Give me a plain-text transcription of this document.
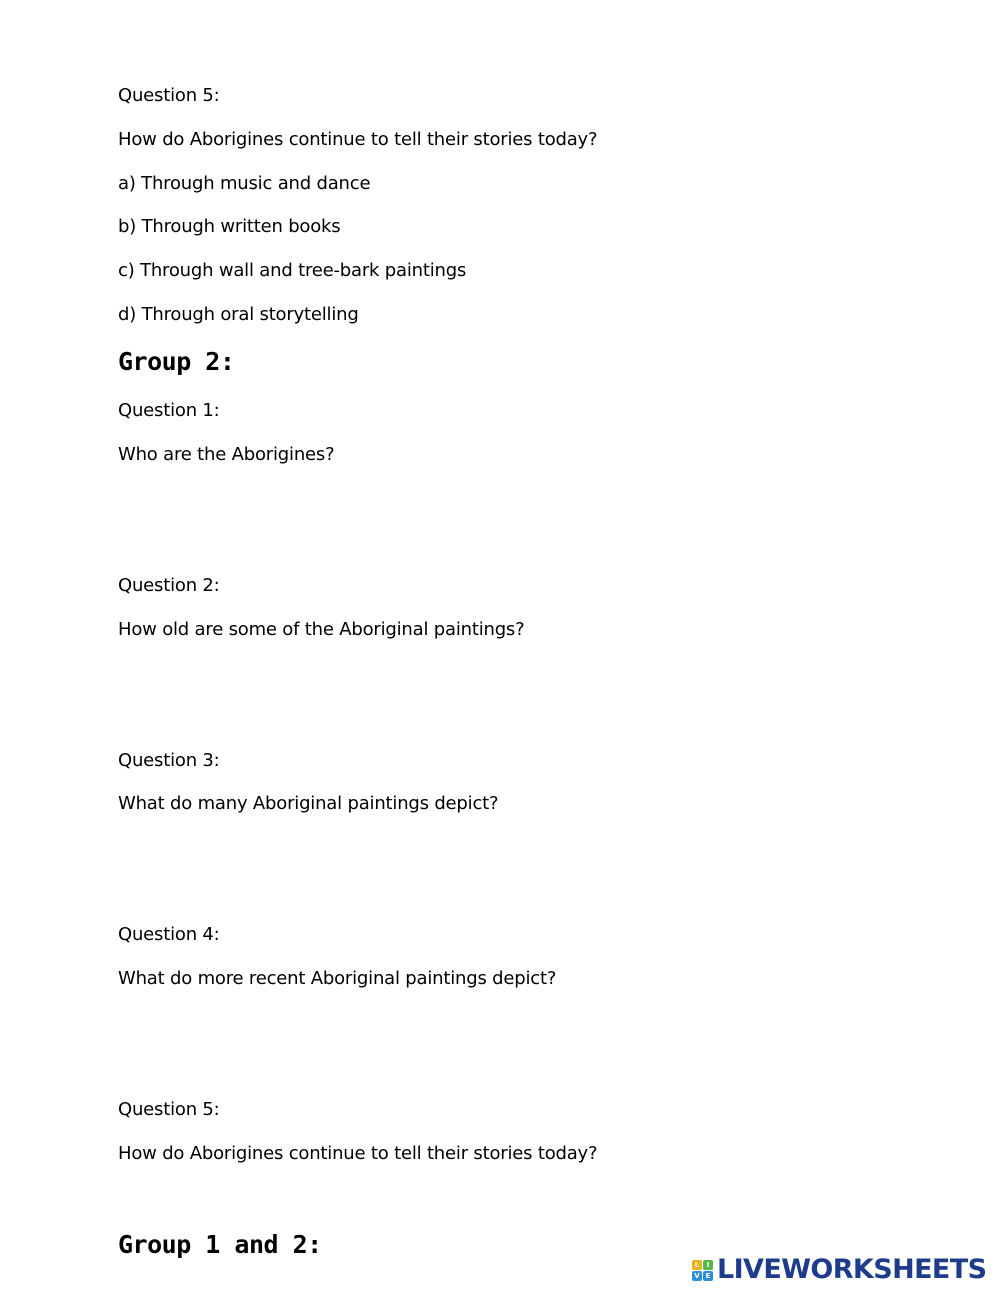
Question 5:
How do Aborigines continue to tell their stories today?
a) Through music and dance
b) Through written books
c) Through wall and tree-bark paintings
d) Through oral storytelling
Group 2:
Question 1:
Who are the Aborigines?
Question 2:
How old are some of the Aboriginal paintings?
Question 3:
What do many Aboriginal paintings depict?
Question 4:
What do more recent Aboriginal paintings depict?
Question 5:
How do Aborigines continue to tell their stories today?
Group 1 and 2:
L	I
V E LIVEWORKSHEETS
